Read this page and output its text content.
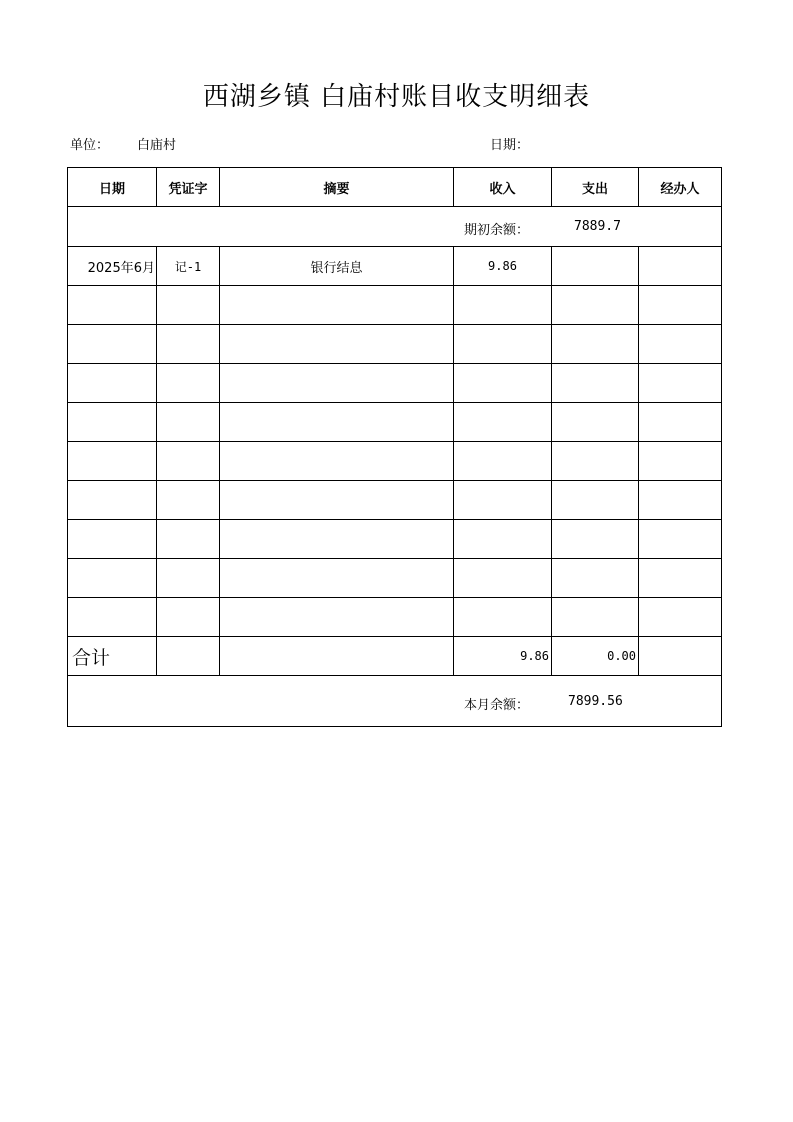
西湖乡镇 白庙村账目收支明细表
单位： 白庙村	日期：
日期	凭证字	摘要	收入	支出	经办人

期初余额： 7889.7					

2025年6月	记-1	银行结息	9.86		

合计			9.86	0.00	

本月余额： 7899.56					
